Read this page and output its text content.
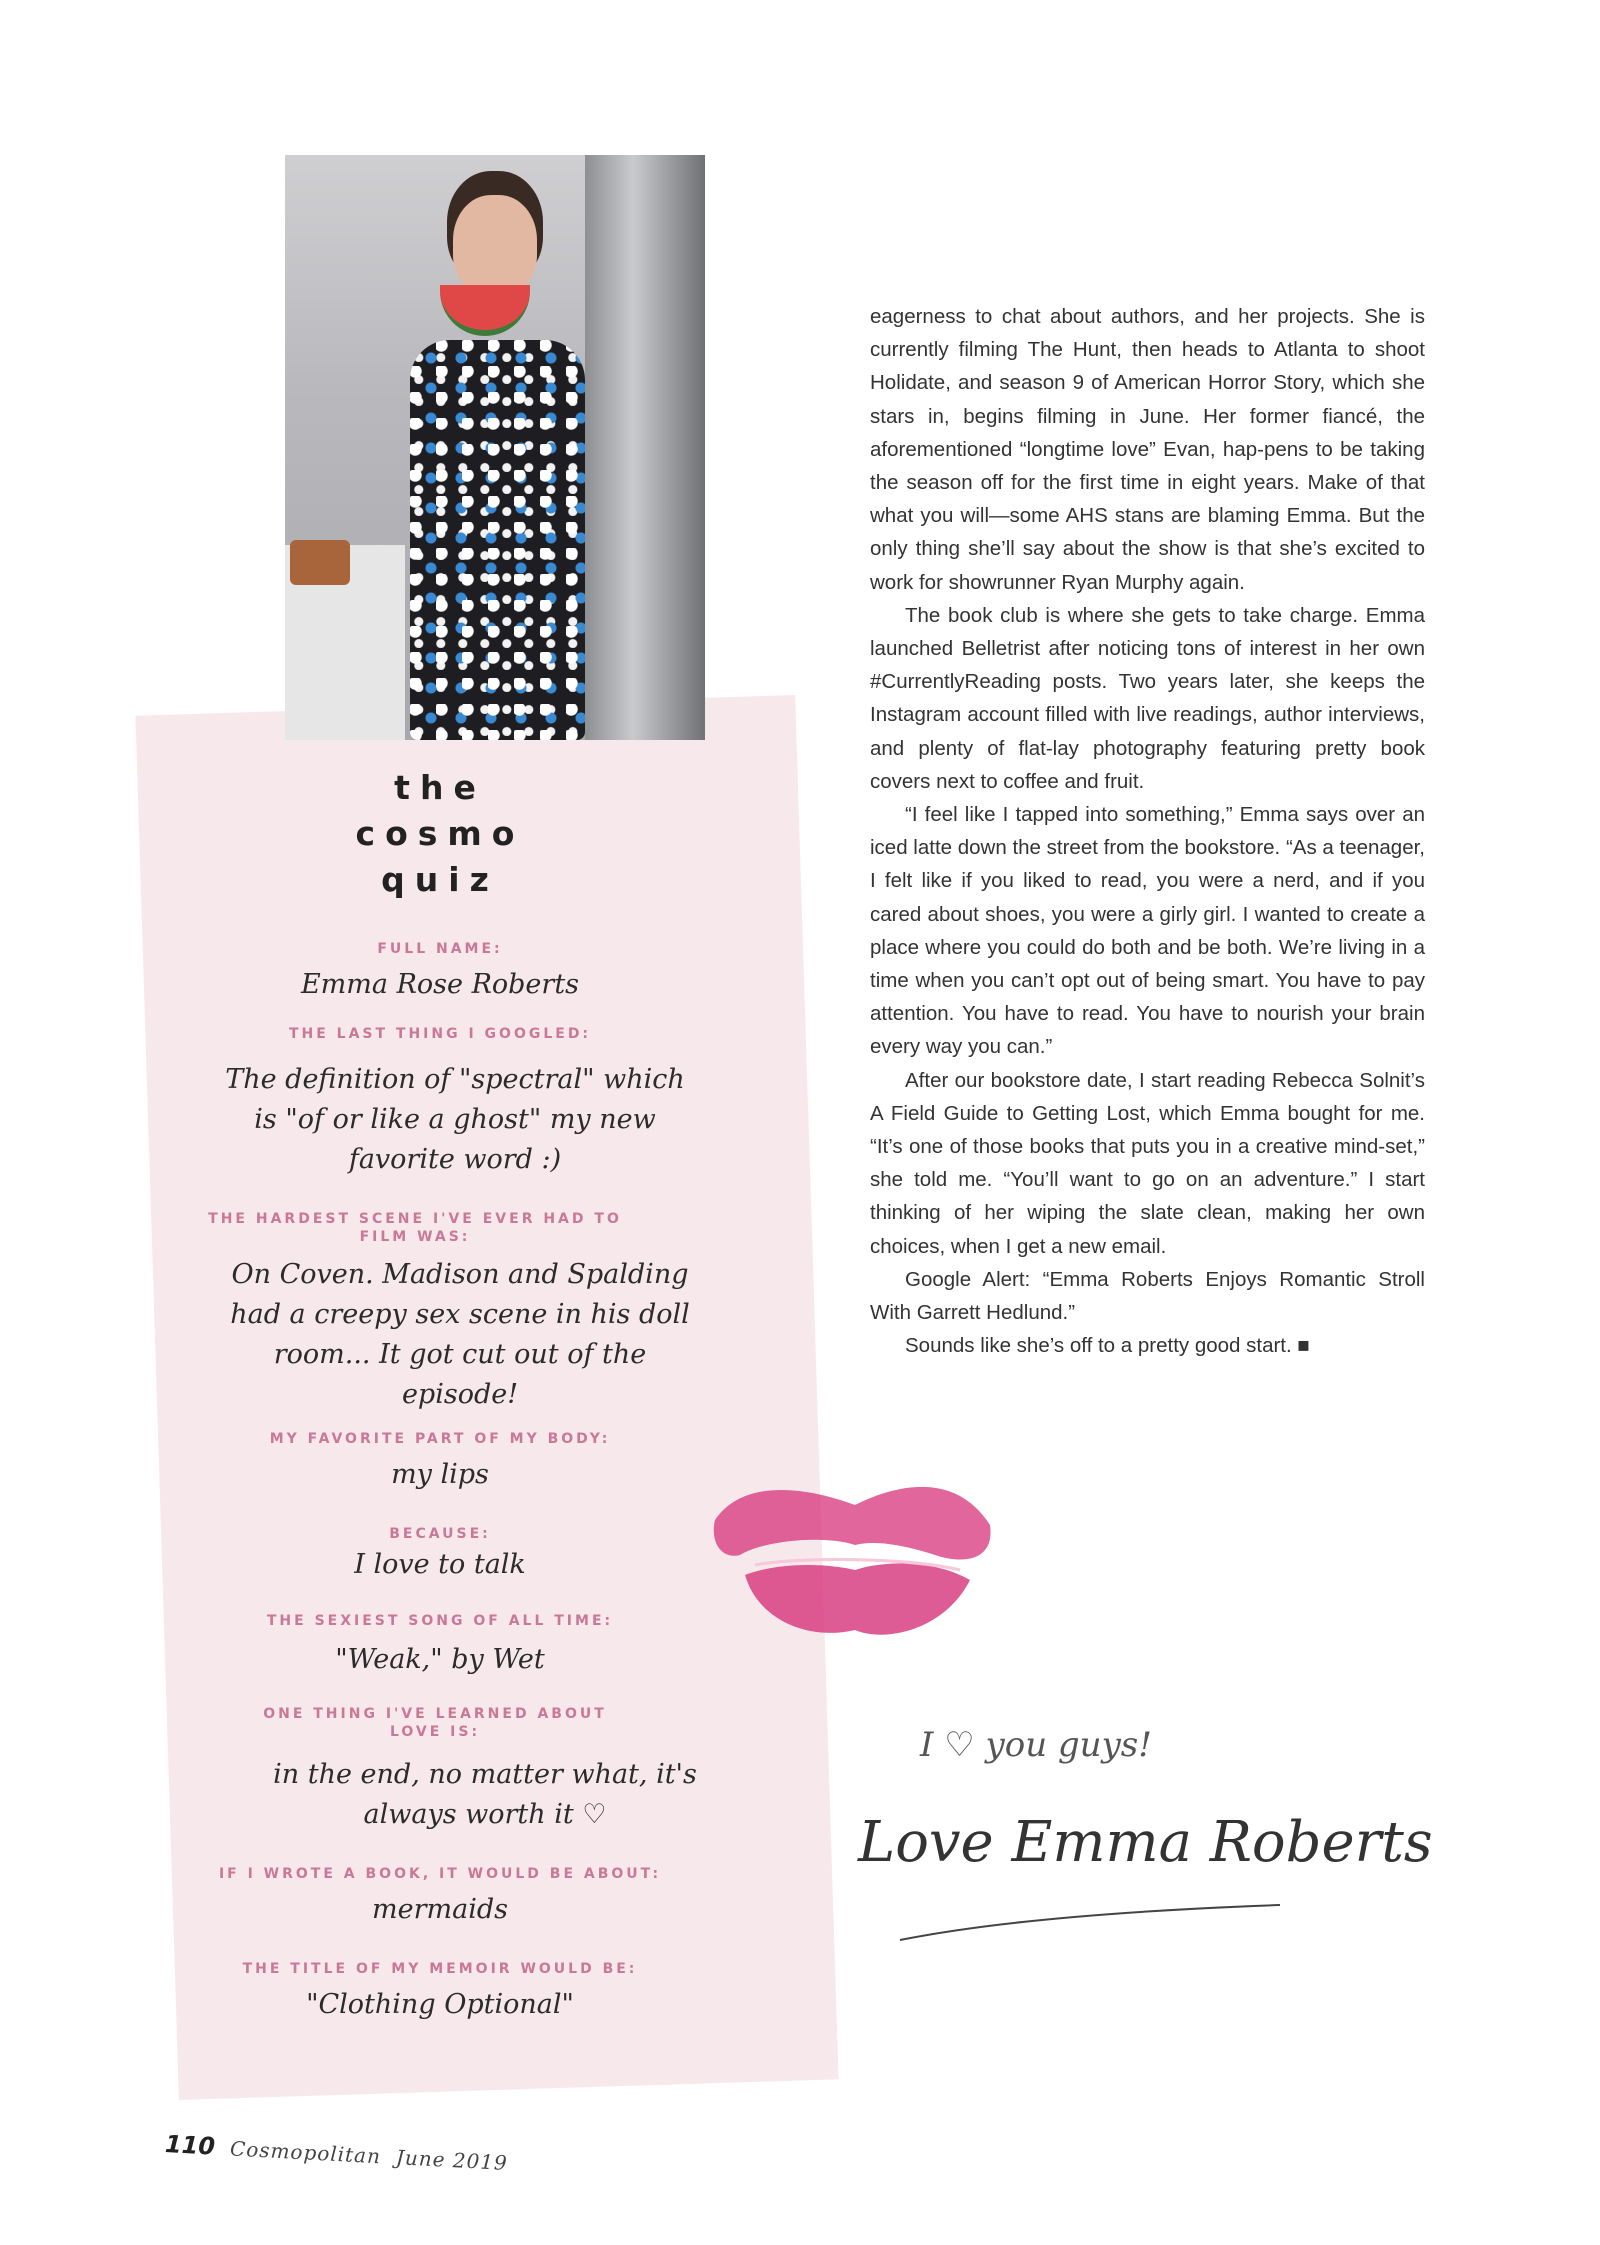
the
cosmo
quiz
FULL NAME:
Emma Rose Roberts
THE LAST THING I GOOGLED:
The definition of "spectral" which is "of or like a ghost" my new favorite word :)
THE HARDEST SCENE I'VE EVER HAD TO FILM WAS:
On Coven. Madison and Spalding had a creepy sex scene in his doll room... It got cut out of the episode!
MY FAVORITE PART OF MY BODY:
my lips
BECAUSE:
I love to talk
THE SEXIEST SONG OF ALL TIME:
"Weak," by Wet
ONE THING I'VE LEARNED ABOUT LOVE IS:
in the end, no matter what, it's always worth it ♡
IF I WROTE A BOOK, IT WOULD BE ABOUT:
mermaids
THE TITLE OF MY MEMOIR WOULD BE:
"Clothing Optional"

eagerness to chat about authors, and her projects. She is currently filming The Hunt, then heads to Atlanta to shoot Holidate, and season 9 of American Horror Story, which she stars in, begins filming in June. Her former fiancé, the aforementioned “longtime love” Evan, hap-pens to be taking the season off for the first time in eight years. Make of that what you will—some AHS stans are blaming Emma. But the only thing she’ll say about the show is that she’s excited to work for showrunner Ryan Murphy again.

The book club is where she gets to take charge. Emma launched Belletrist after noticing tons of interest in her own #CurrentlyReading posts. Two years later, she keeps the Instagram account filled with live readings, author interviews, and plenty of flat-lay photography featuring pretty book covers next to coffee and fruit.

“I feel like I tapped into something,” Emma says over an iced latte down the street from the bookstore. “As a teenager, I felt like if you liked to read, you were a nerd, and if you cared about shoes, you were a girly girl. I wanted to create a place where you could do both and be both. We’re living in a time when you can’t opt out of being smart. You have to pay attention. You have to read. You have to nourish your brain every way you can.”

After our bookstore date, I start reading Rebecca Solnit’s A Field Guide to Getting Lost, which Emma bought for me. “It’s one of those books that puts you in a creative mind-set,” she told me. “You’ll want to go on an adventure.” I start thinking of her wiping the slate clean, making her own choices, when I get a new email.

Google Alert: “Emma Roberts Enjoys Romantic Stroll With Garrett Hedlund.”

Sounds like she’s off to a pretty good start. ■

I ♡ you guys!
Love Emma Roberts
110 Cosmopolitan June 2019
